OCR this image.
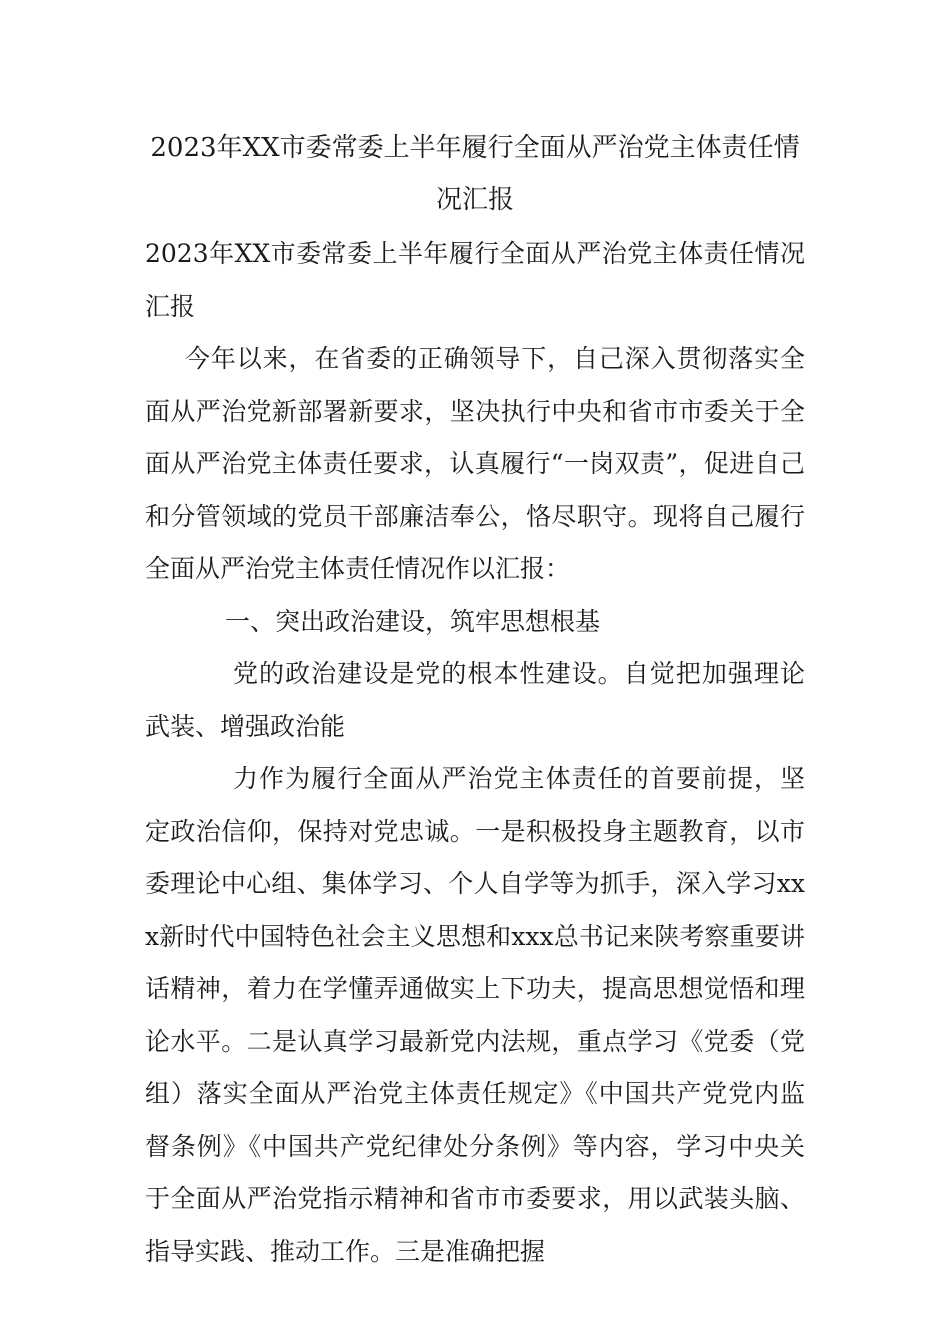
2023年XX市委常委上半年履行全面从严治党主体责任情况汇报

2023年XX市委常委上半年履行全面从严治党主体责任情况汇报

今年以来，在省委的正确领导下，自己深入贯彻落实全面从严治党新部署新要求，坚决执行中央和省市市委关于全面从严治党主体责任要求，认真履行“一岗双责”，促进自己和分管领域的党员干部廉洁奉公，恪尽职守。现将自己履行全面从严治党主体责任情况作以汇报：

一、突出政治建设，筑牢思想根基

党的政治建设是党的根本性建设。自觉把加强理论武装、增强政治能

力作为履行全面从严治党主体责任的首要前提，坚定政治信仰，保持对党忠诚。一是积极投身主题教育，以市委理论中心组、集体学习、个人自学等为抓手，深入学习xxx新时代中国特色社会主义思想和xxx总书记来陕考察重要讲话精神，着力在学懂弄通做实上下功夫，提高思想觉悟和理论水平。二是认真学习最新党内法规，重点学习《党委（党组）落实全面从严治党主体责任规定》《中国共产党党内监督条例》《中国共产党纪律处分条例》等内容，学习中央关于全面从严治党指示精神和省市市委要求，用以武装头脑、指导实践、推动工作。三是准确把握
